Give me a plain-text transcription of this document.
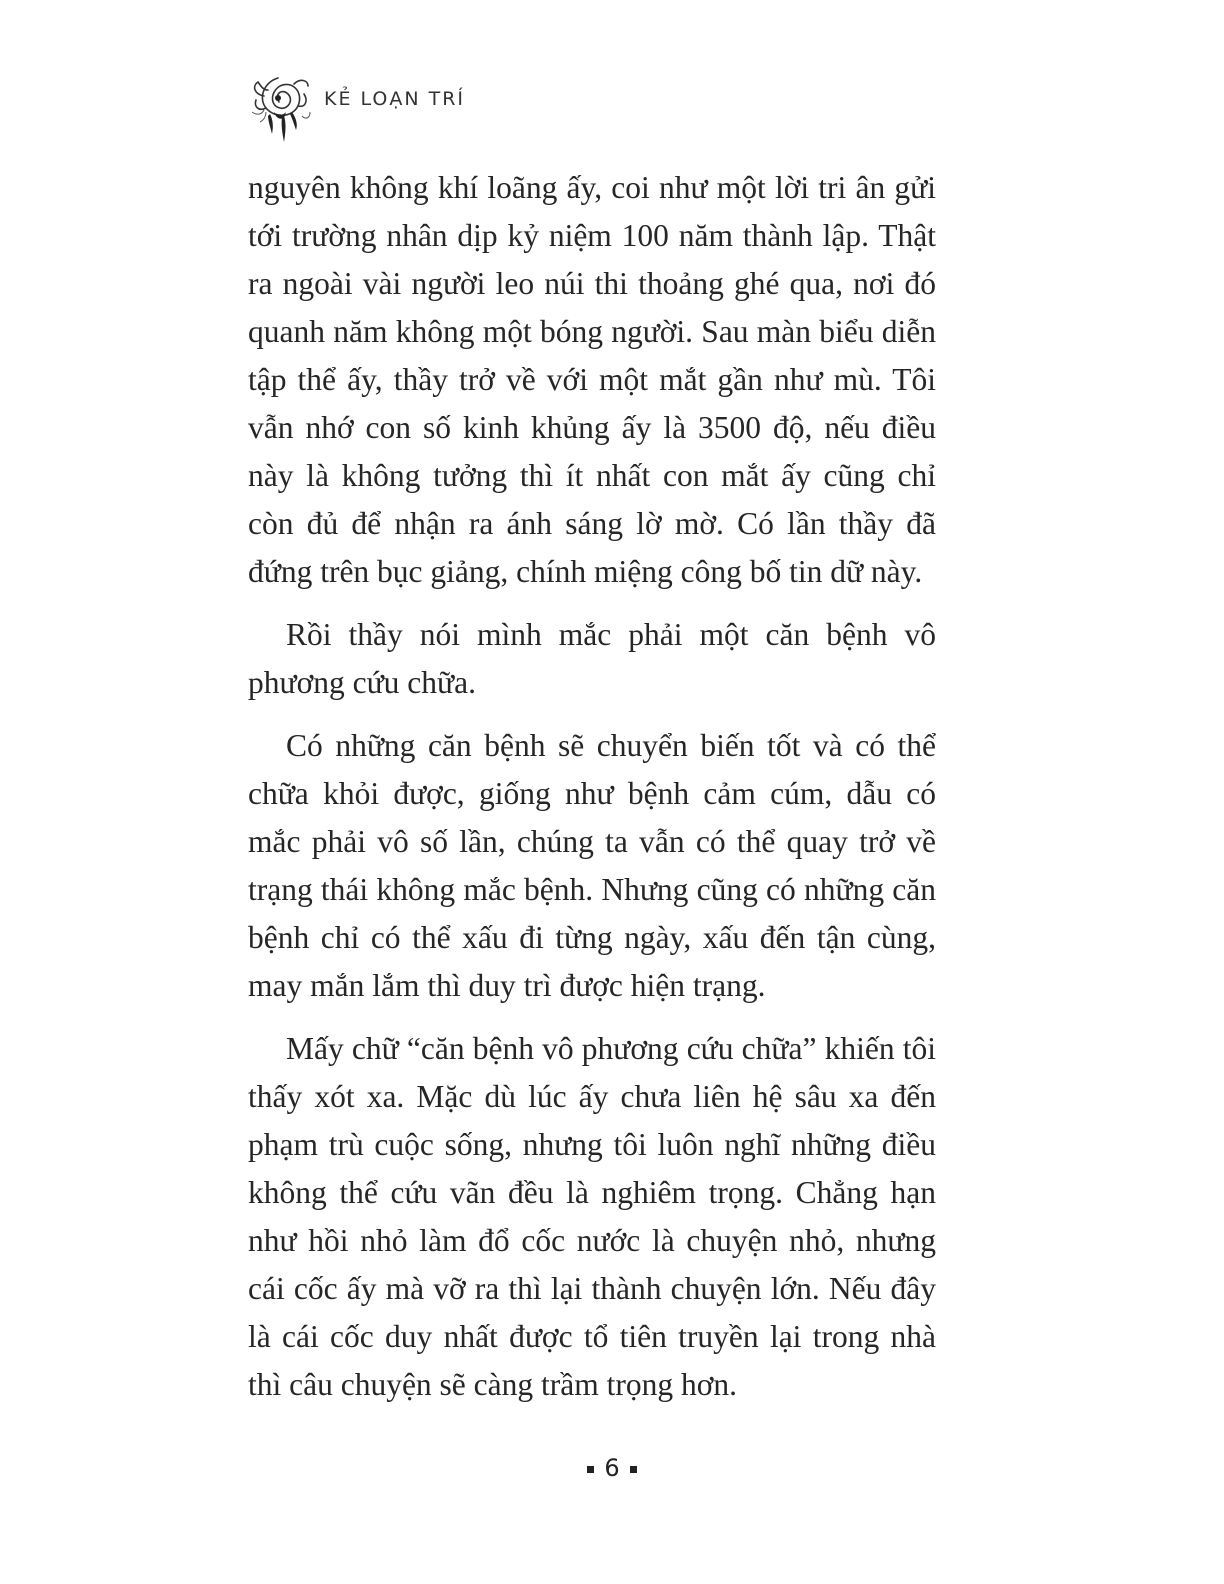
KẺ LOẠN TRÍ

nguyên không khí loãng ấy, coi như một lời tri ân gửi tới trường nhân dịp kỷ niệm 100 năm thành lập. Thật ra ngoài vài người leo núi thi thoảng ghé qua, nơi đó quanh năm không một bóng người. Sau màn biểu diễn tập thể ấy, thầy trở về với một mắt gần như mù. Tôi vẫn nhớ con số kinh khủng ấy là 3500 độ, nếu điều này là không tưởng thì ít nhất con mắt ấy cũng chỉ còn đủ để nhận ra ánh sáng lờ mờ. Có lần thầy đã đứng trên bục giảng, chính miệng công bố tin dữ này.

Rồi thầy nói mình mắc phải một căn bệnh vô phương cứu chữa.

Có những căn bệnh sẽ chuyển biến tốt và có thể chữa khỏi được, giống như bệnh cảm cúm, dẫu có mắc phải vô số lần, chúng ta vẫn có thể quay trở về trạng thái không mắc bệnh. Nhưng cũng có những căn bệnh chỉ có thể xấu đi từng ngày, xấu đến tận cùng, may mắn lắm thì duy trì được hiện trạng.

Mấy chữ “căn bệnh vô phương cứu chữa” khiến tôi thấy xót xa. Mặc dù lúc ấy chưa liên hệ sâu xa đến phạm trù cuộc sống, nhưng tôi luôn nghĩ những điều không thể cứu vãn đều là nghiêm trọng. Chẳng hạn như hồi nhỏ làm đổ cốc nước là chuyện nhỏ, nhưng cái cốc ấy mà vỡ ra thì lại thành chuyện lớn. Nếu đây là cái cốc duy nhất được tổ tiên truyền lại trong nhà thì câu chuyện sẽ càng trầm trọng hơn.

6
